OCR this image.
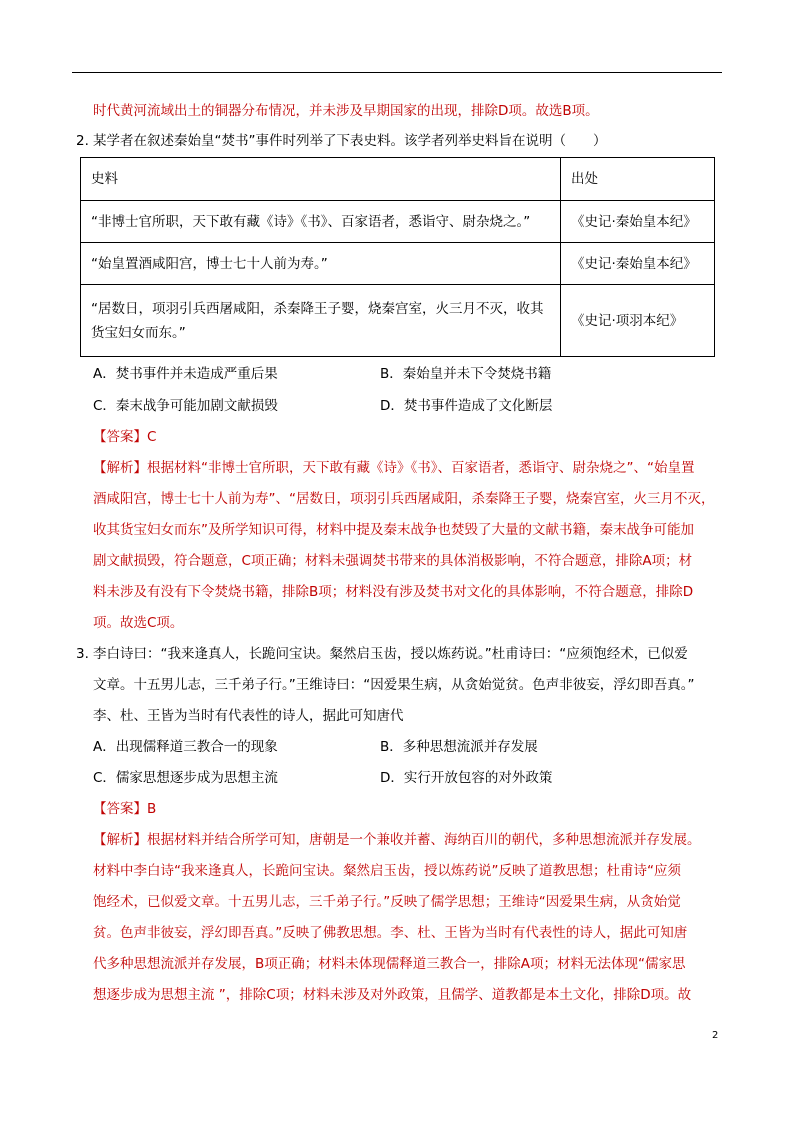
时代黄河流域出土的铜器分布情况，并未涉及早期国家的出现，排除D项。故选B项。
2. 某学者在叙述秦始皇“焚书”事件时列举了下表史料。该学者列举史料旨在说明（　　）
史料	出处
“非博士官所职，天下敢有藏《诗》《书》、百家语者，悉诣守、尉杂烧之。”	《史记·秦始皇本纪》
“始皇置酒咸阳宫，博士七十人前为寿。”	《史记·秦始皇本纪》
“居数日，项羽引兵西屠咸阳，杀秦降王子婴，烧秦宫室，火三月不灭，收其货宝妇女而东。”	《史记·项羽本纪》
A．焚书事件并未造成严重后果	B．秦始皇并未下令焚烧书籍
C．秦末战争可能加剧文献损毁	D．焚书事件造成了文化断层
【答案】C
【解析】根据材料“非博士官所职，天下敢有藏《诗》《书》、百家语者，悉诣守、尉杂烧之”、“始皇置
酒咸阳宫，博士七十人前为寿”、“居数日，项羽引兵西屠咸阳，杀秦降王子婴，烧秦宫室，火三月不灭，
收其货宝妇女而东”及所学知识可得，材料中提及秦末战争也焚毁了大量的文献书籍，秦末战争可能加
剧文献损毁，符合题意，C项正确；材料未强调焚书带来的具体消极影响，不符合题意，排除A项；材
料未涉及有没有下令焚烧书籍，排除B项；材料没有涉及焚书对文化的具体影响，不符合题意，排除D
项。故选C项。
3. 李白诗曰：“我来逢真人，长跪问宝诀。粲然启玉齿，授以炼药说。”杜甫诗曰：“应须饱经术，已似爱
文章。十五男儿志，三千弟子行。”王维诗曰：“因爱果生病，从贪始觉贫。色声非彼妄，浮幻即吾真。”
李、杜、王皆为当时有代表性的诗人，据此可知唐代
A．出现儒释道三教合一的现象	B．多种思想流派并存发展
C．儒家思想逐步成为思想主流	D．实行开放包容的对外政策
【答案】B
【解析】根据材料并结合所学可知，唐朝是一个兼收并蓄、海纳百川的朝代，多种思想流派并存发展。
材料中李白诗“我来逢真人，长跪问宝诀。粲然启玉齿，授以炼药说”反映了道教思想；杜甫诗“应须
饱经术，已似爱文章。十五男儿志，三千弟子行。”反映了儒学思想；王维诗“因爱果生病，从贪始觉
贫。色声非彼妄，浮幻即吾真。”反映了佛教思想。李、杜、王皆为当时有代表性的诗人，据此可知唐
代多种思想流派并存发展，B项正确；材料未体现儒释道三教合一，排除A项；材料无法体现“儒家思
想逐步成为思想主流 ”，排除C项；材料未涉及对外政策，且儒学、道教都是本土文化，排除D项。故
2
